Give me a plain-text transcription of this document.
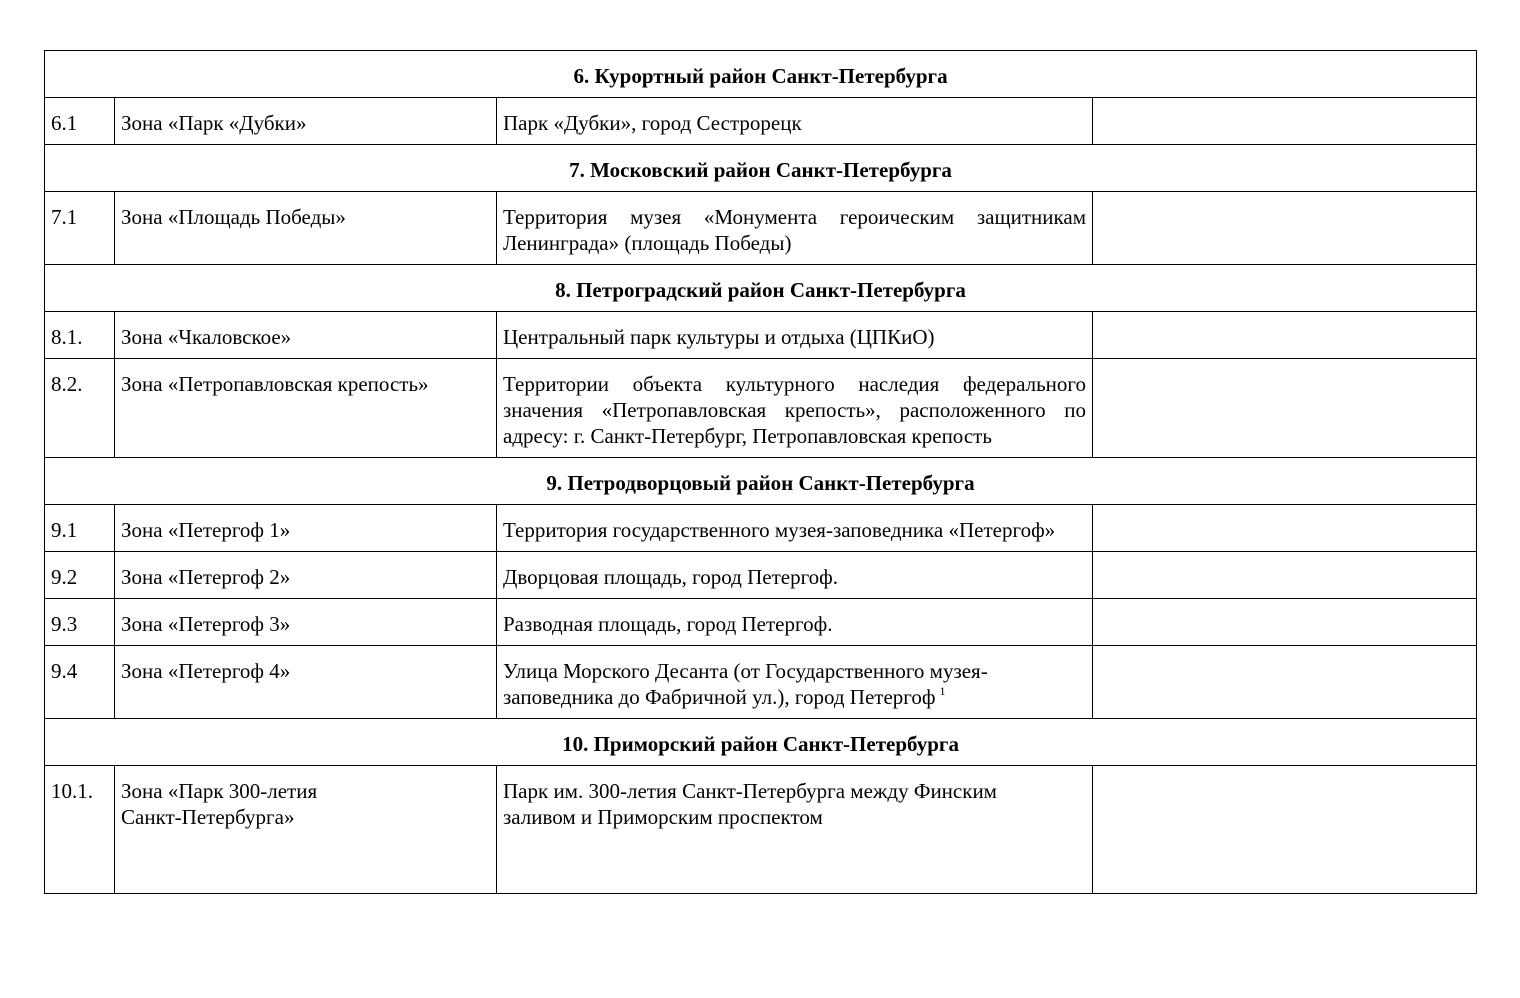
6. Курортный район Санкт-Петербурга			
6.1	Зона «Парк «Дубки»	Парк «Дубки», город Сестрорецк	
7. Московский район Санкт-Петербурга			
7.1	Зона «Площадь Победы»	Территория музея «Монумента героическим защитникам Ленинграда» (площадь Победы)	
8. Петроградский район Санкт-Петербурга			
8.1.	Зона «Чкаловское»	Центральный парк культуры и отдыха (ЦПКиО)	
8.2.	Зона «Петропавловская крепость»	Территории объекта культурного наследия федерального значения «Петропавловская крепость», расположенного по адресу: г. Санкт-Петербург, Петропавловская крепость	
9. Петродворцовый район Санкт-Петербурга			
9.1	Зона «Петергоф 1»	Территория государственного музея-заповедника «Петергоф»	
9.2	Зона «Петергоф 2»	Дворцовая площадь, город Петергоф.	
9.3	Зона «Петергоф 3»	Разводная площадь, город Петергоф.	
9.4	Зона «Петергоф 4»	Улица Морского Десанта (от Государственного музея-заповедника до Фабричной ул.), город Петергоф $^1$	
10. Приморский район Санкт-Петербурга			
10.1.	Зона «Парк 300-летия Санкт-Петербурга»	Парк им. 300-летия Санкт-Петербурга между Финским заливом и Приморским проспектом	
